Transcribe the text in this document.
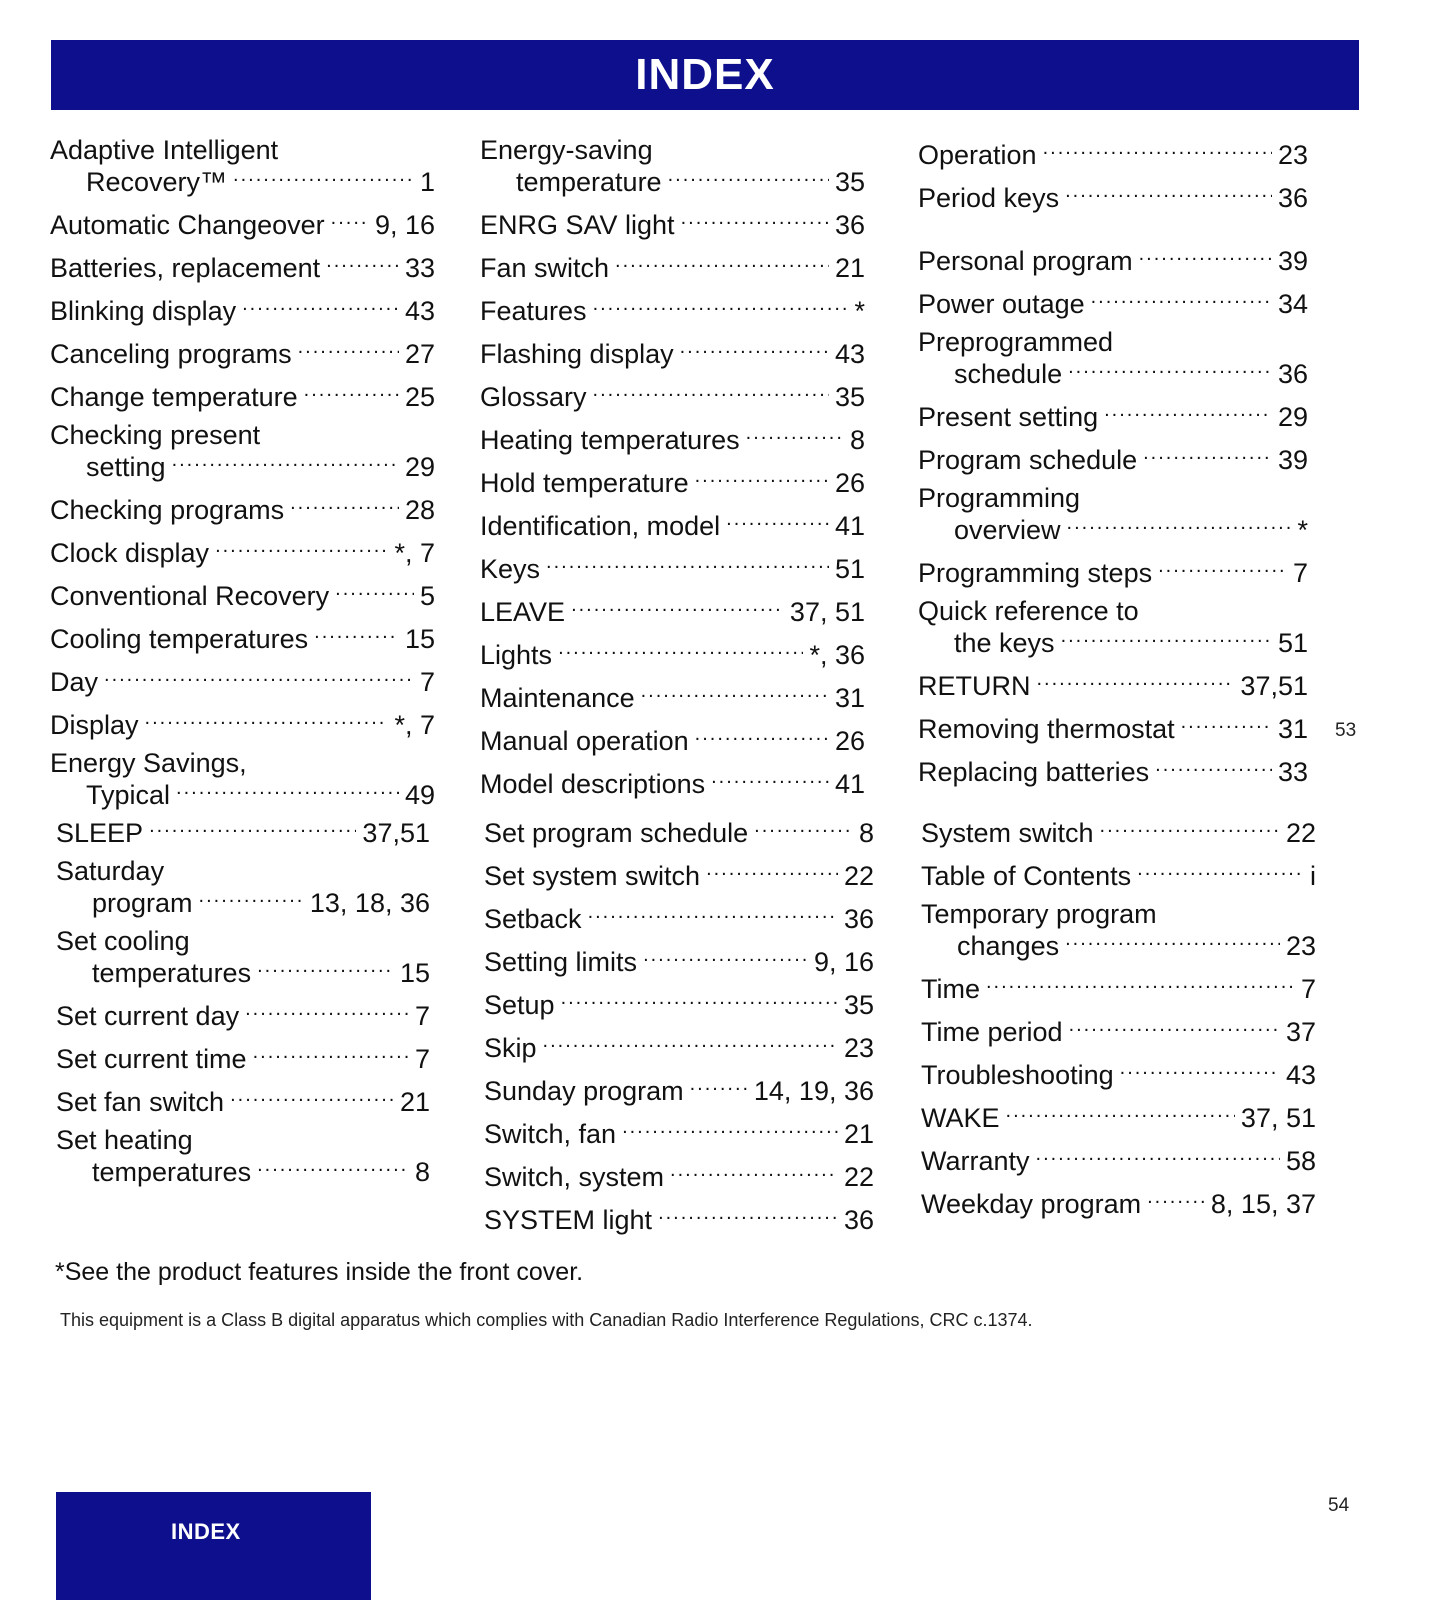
INDEX
Adaptive Intelligent
Recovery™ .....	1
Automatic Changeover ..... 9, 16
Batteries, replacement .....	33
Blinking display .....	43
Canceling programs .....	27
Change temperature .....	25
Checking present
setting .....	29
Checking programs .....	28
Clock display .....	*, 7
Conventional Recovery .....	5
Cooling temperatures .....	15
Day .....	7
Display .....	*, 7
Energy Savings,
Typical .....	49
Energy-saving
temperature .....	35
ENRG SAV light .....	36
Fan switch .....	21
Features .....	*
Flashing display .....	43
Glossary .....	35
Heating temperatures .....	8
Hold temperature .....	26
Identification, model .....	41
Keys .....	51
LEAVE .....	37, 51
Lights .....	*, 36
Maintenance .....	31
Manual operation .....	26
Model descriptions .....	41
Operation .....	23
Period keys .....	36
Personal program .....	39
Power outage .....	34
Preprogrammed
schedule .....	36
Present setting .....	29
Program schedule .....	39
Programming
overview .....	*
Programming steps .....	7
Quick reference to
the keys .....	51
RETURN .....	37,51
Removing thermostat .....	31
Replacing batteries .....	33
SLEEP .....	37,51
Saturday
program .....	13, 18, 36
Set cooling
temperatures .....	15
Set current day .....	7
Set current time .....	7
Set fan switch .....	21
Set heating
temperatures .....	8
Set program schedule .....	8
Set system switch .....	22
Setback .....	36
Setting limits .....	9, 16
Setup .....	35
Skip .....	23
Sunday program .....	14, 19, 36
Switch, fan .....	21
Switch, system .....	22
SYSTEM light .....	36
System switch .....	22
Table of Contents .....	i
Temporary program
changes .....	23
Time .....	7
Time period .....	37
Troubleshooting .....	43
WAKE .....	37, 51
Warranty .....	58
Weekday program .....	8, 15, 37
53
54
*See the product features inside the front cover.
This equipment is a Class B digital apparatus which complies with Canadian Radio Interference Regulations, CRC c.1374.
INDEX
